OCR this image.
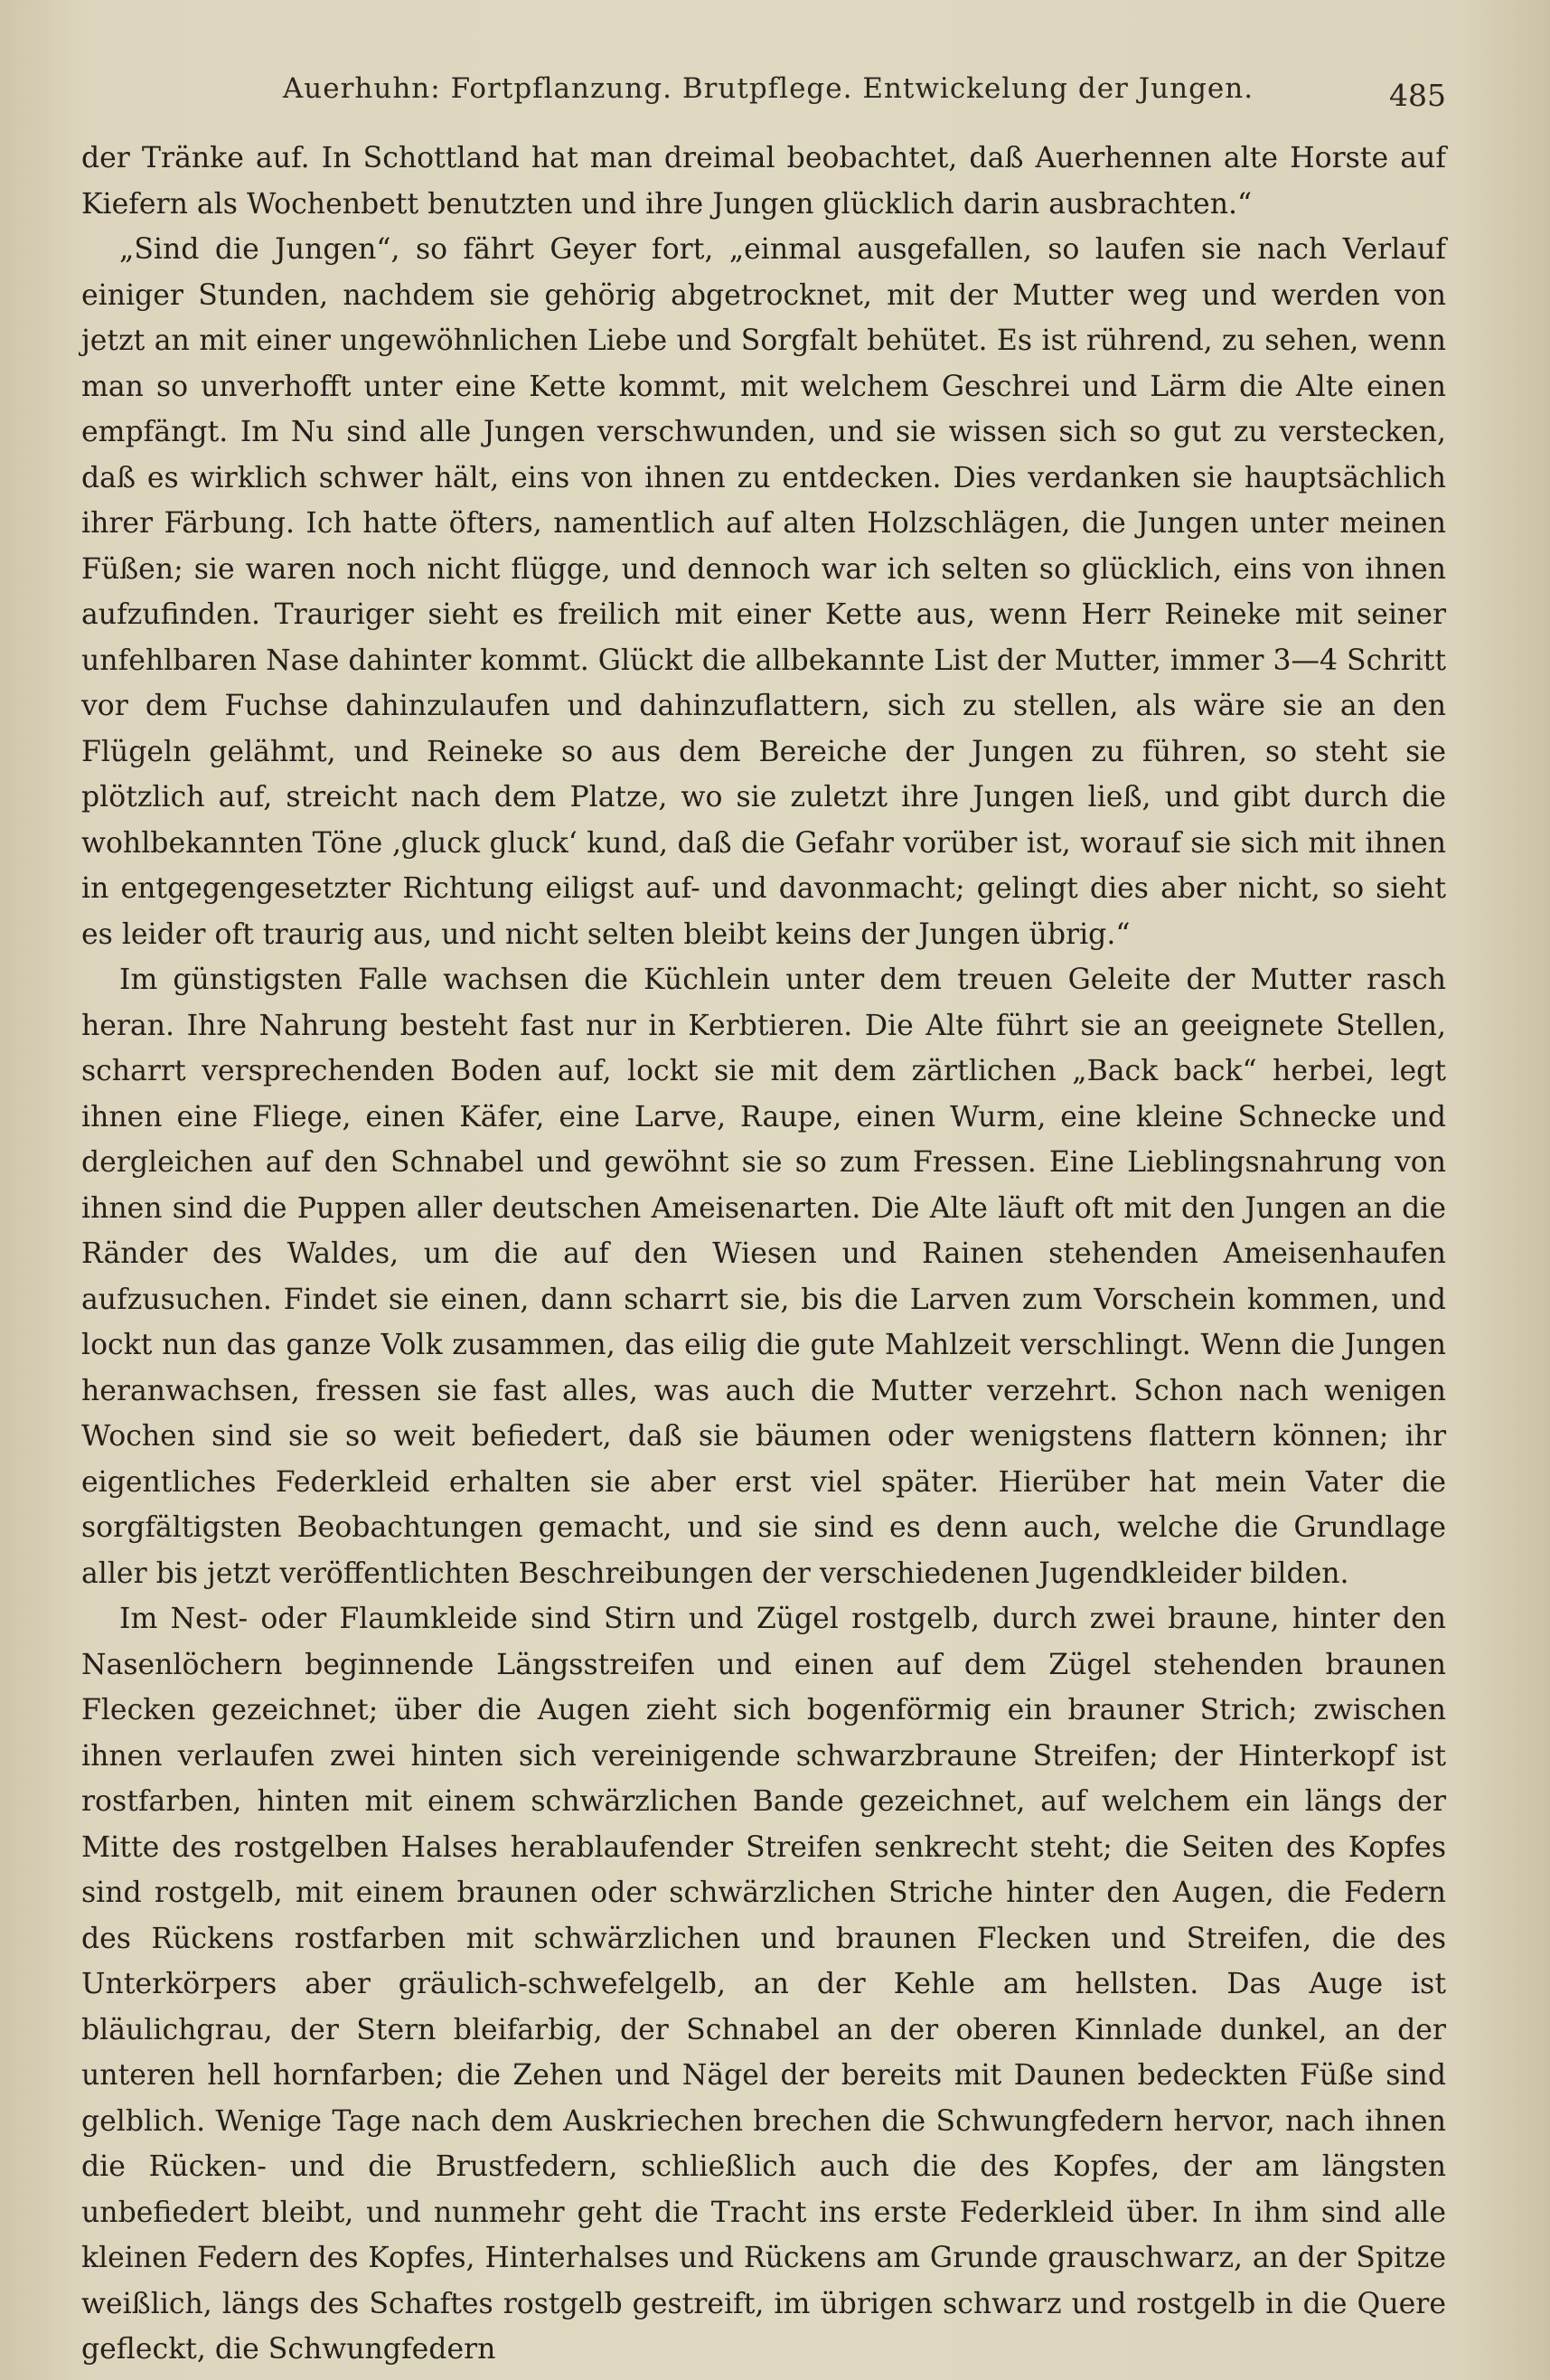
Auerhuhn: Fortpflanzung. Brutpflege. Entwickelung der Jungen.	485

der Tränke auf. In Schottland hat man dreimal beobachtet, daß Auerhennen alte Horste auf Kiefern als Wochenbett benutzten und ihre Jungen glücklich darin ausbrachten.“

„Sind die Jungen“, so fährt Geyer fort, „einmal ausgefallen, so laufen sie nach Verlauf einiger Stunden, nachdem sie gehörig abgetrocknet, mit der Mutter weg und werden von jetzt an mit einer ungewöhnlichen Liebe und Sorgfalt behütet. Es ist rührend, zu sehen, wenn man so unverhofft unter eine Kette kommt, mit welchem Geschrei und Lärm die Alte einen empfängt. Im Nu sind alle Jungen verschwunden, und sie wissen sich so gut zu verstecken, daß es wirklich schwer hält, eins von ihnen zu entdecken. Dies verdanken sie hauptsächlich ihrer Färbung. Ich hatte öfters, namentlich auf alten Holzschlägen, die Jungen unter meinen Füßen; sie waren noch nicht flügge, und dennoch war ich selten so glücklich, eins von ihnen aufzufinden. Trauriger sieht es freilich mit einer Kette aus, wenn Herr Reineke mit seiner unfehlbaren Nase dahinter kommt. Glückt die allbekannte List der Mutter, immer 3—4 Schritt vor dem Fuchse dahinzulaufen und dahinzuflattern, sich zu stellen, als wäre sie an den Flügeln gelähmt, und Reineke so aus dem Bereiche der Jungen zu führen, so steht sie plötzlich auf, streicht nach dem Platze, wo sie zuletzt ihre Jungen ließ, und gibt durch die wohlbekannten Töne ‚gluck gluck‘ kund, daß die Gefahr vorüber ist, worauf sie sich mit ihnen in entgegengesetzter Richtung eiligst auf- und davonmacht; gelingt dies aber nicht, so sieht es leider oft traurig aus, und nicht selten bleibt keins der Jungen übrig.“

Im günstigsten Falle wachsen die Küchlein unter dem treuen Geleite der Mutter rasch heran. Ihre Nahrung besteht fast nur in Kerbtieren. Die Alte führt sie an geeignete Stellen, scharrt versprechenden Boden auf, lockt sie mit dem zärtlichen „Back back“ herbei, legt ihnen eine Fliege, einen Käfer, eine Larve, Raupe, einen Wurm, eine kleine Schnecke und dergleichen auf den Schnabel und gewöhnt sie so zum Fressen. Eine Lieblingsnahrung von ihnen sind die Puppen aller deutschen Ameisenarten. Die Alte läuft oft mit den Jungen an die Ränder des Waldes, um die auf den Wiesen und Rainen stehenden Ameisenhaufen aufzusuchen. Findet sie einen, dann scharrt sie, bis die Larven zum Vorschein kommen, und lockt nun das ganze Volk zusammen, das eilig die gute Mahlzeit verschlingt. Wenn die Jungen heranwachsen, fressen sie fast alles, was auch die Mutter verzehrt. Schon nach wenigen Wochen sind sie so weit befiedert, daß sie bäumen oder wenigstens flattern können; ihr eigentliches Federkleid erhalten sie aber erst viel später. Hierüber hat mein Vater die sorgfältigsten Beobachtungen gemacht, und sie sind es denn auch, welche die Grundlage aller bis jetzt veröffentlichten Beschreibungen der verschiedenen Jugendkleider bilden.

Im Nest- oder Flaumkleide sind Stirn und Zügel rostgelb, durch zwei braune, hinter den Nasenlöchern beginnende Längsstreifen und einen auf dem Zügel stehenden braunen Flecken gezeichnet; über die Augen zieht sich bogenförmig ein brauner Strich; zwischen ihnen verlaufen zwei hinten sich vereinigende schwarzbraune Streifen; der Hinterkopf ist rostfarben, hinten mit einem schwärzlichen Bande gezeichnet, auf welchem ein längs der Mitte des rostgelben Halses herablaufender Streifen senkrecht steht; die Seiten des Kopfes sind rostgelb, mit einem braunen oder schwärzlichen Striche hinter den Augen, die Federn des Rückens rostfarben mit schwärzlichen und braunen Flecken und Streifen, die des Unterkörpers aber gräulich-schwefelgelb, an der Kehle am hellsten. Das Auge ist bläulichgrau, der Stern bleifarbig, der Schnabel an der oberen Kinnlade dunkel, an der unteren hell hornfarben; die Zehen und Nägel der bereits mit Daunen bedeckten Füße sind gelblich. Wenige Tage nach dem Auskriechen brechen die Schwungfedern hervor, nach ihnen die Rücken- und die Brustfedern, schließlich auch die des Kopfes, der am längsten unbefiedert bleibt, und nunmehr geht die Tracht ins erste Federkleid über. In ihm sind alle kleinen Federn des Kopfes, Hinterhalses und Rückens am Grunde grauschwarz, an der Spitze weißlich, längs des Schaftes rostgelb gestreift, im übrigen schwarz und rostgelb in die Quere gefleckt, die Schwungfedern
